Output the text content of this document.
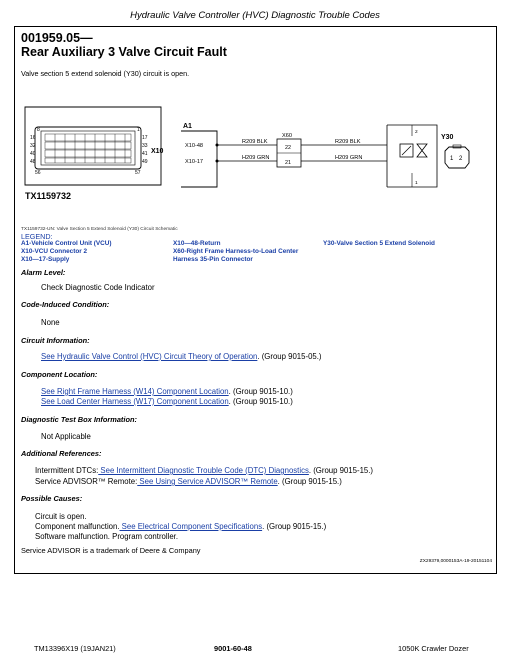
Hydraulic Valve Controller (HVC) Diagnostic Trouble Codes
001959.05—
Rear Auxiliary 3 Valve Circuit Fault
Valve section 5 extend solenoid (Y30) circuit is open.
8	1
16	17
32	33
40	41
48	49
56	57
X10
TX1159732
A1
X10-48
X10-17
R209 BLK
H209 GRN
R209 BLK
H209 GRN
X60
22
21
2
1
Y30
1 2
TX1159732-UN: Valve Section 5 Extend Solenoid (Y30) Circuit Schematic
LEGEND:
A1-Vehicle Control Unit (VCU)
X10-VCU Connector 2
X10—17-Supply
X10—48-Return
X60-Right Frame Harness-to-Load Center
Harness 35-Pin Connector
Y30-Valve Section 5 Extend Solenoid
Alarm Level:
Check Diagnostic Code Indicator
Code-Induced Condition:
None
Circuit Information:
See Hydraulic Valve Control (HVC) Circuit Theory of Operation. (Group 9015-05.)
Component Location:
See Right Frame Harness (W14) Component Location. (Group 9015-10.)
See Load Center Harness (W17) Component Location. (Group 9015-10.)
Diagnostic Test Box Information:
Not Applicable
Additional References:
Intermittent DTCs: See Intermittent Diagnostic Trouble Code (DTC) Diagnostics. (Group 9015-15.)
Service ADVISOR™ Remote: See Using Service ADVISOR™ Remote. (Group 9015-15.)
Possible Causes:
Circuit is open.
Component malfunction. See Electrical Component Specifications. (Group 9015-15.)
Software malfunction. Program controller.
Service ADVISOR is a trademark of Deere & Company
ZX29379,0000153A-19-20151104
TM13396X19 (19JAN21)	9001-60-48	1050K Crawler Dozer
